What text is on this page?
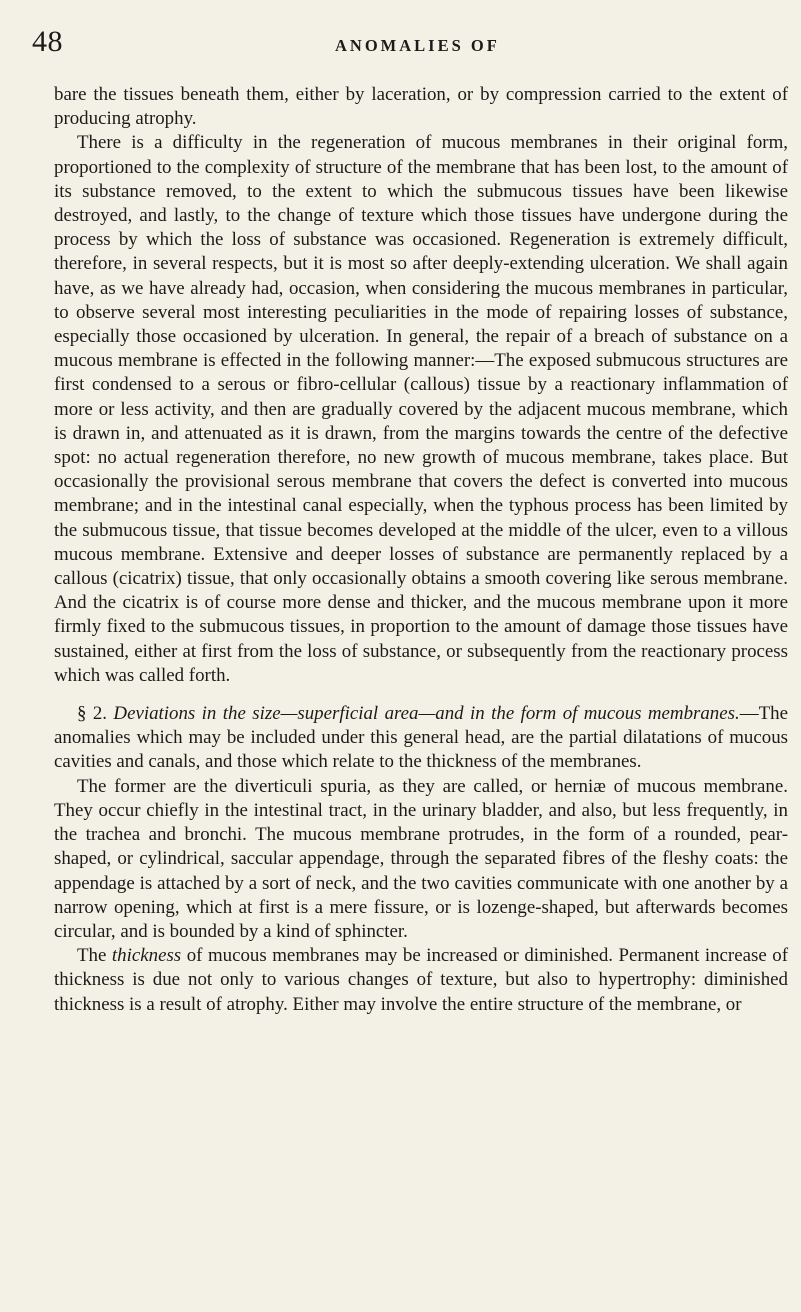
48	ANOMALIES OF

bare the tissues beneath them, either by laceration, or by compression carried to the extent of producing atrophy.

There is a difficulty in the regeneration of mucous membranes in their original form, proportioned to the complexity of structure of the membrane that has been lost, to the amount of its substance removed, to the extent to which the submucous tissues have been likewise destroyed, and lastly, to the change of texture which those tissues have undergone during the process by which the loss of substance was occasioned. Regeneration is extremely difficult, therefore, in several respects, but it is most so after deeply-extending ulceration. We shall again have, as we have already had, occasion, when considering the mucous membranes in particular, to observe several most interesting peculiarities in the mode of repairing losses of substance, especially those occasioned by ulceration. In general, the repair of a breach of substance on a mucous membrane is effected in the following manner:—The exposed submucous structures are first condensed to a serous or fibro-cellular (callous) tissue by a reactionary inflammation of more or less activity, and then are gradually covered by the adjacent mucous membrane, which is drawn in, and attenuated as it is drawn, from the margins towards the centre of the defective spot: no actual regeneration therefore, no new growth of mucous membrane, takes place. But occasionally the provisional serous membrane that covers the defect is converted into mucous membrane; and in the intestinal canal especially, when the typhous process has been limited by the submucous tissue, that tissue becomes developed at the middle of the ulcer, even to a villous mucous membrane. Extensive and deeper losses of substance are permanently replaced by a callous (cicatrix) tissue, that only occasionally obtains a smooth covering like serous membrane. And the cicatrix is of course more dense and thicker, and the mucous membrane upon it more firmly fixed to the submucous tissues, in proportion to the amount of damage those tissues have sustained, either at first from the loss of substance, or subsequently from the reactionary process which was called forth.

§ 2. Deviations in the size—superficial area—and in the form of mucous membranes.—The anomalies which may be included under this general head, are the partial dilatations of mucous cavities and canals, and those which relate to the thickness of the membranes.

The former are the diverticuli spuria, as they are called, or herniæ of mucous membrane. They occur chiefly in the intestinal tract, in the urinary bladder, and also, but less frequently, in the trachea and bronchi. The mucous membrane protrudes, in the form of a rounded, pear-shaped, or cylindrical, saccular appendage, through the separated fibres of the fleshy coats: the appendage is attached by a sort of neck, and the two cavities communicate with one another by a narrow opening, which at first is a mere fissure, or is lozenge-shaped, but afterwards becomes circular, and is bounded by a kind of sphincter.

The thickness of mucous membranes may be increased or diminished. Permanent increase of thickness is due not only to various changes of texture, but also to hypertrophy: diminished thickness is a result of atrophy. Either may involve the entire structure of the membrane, or
